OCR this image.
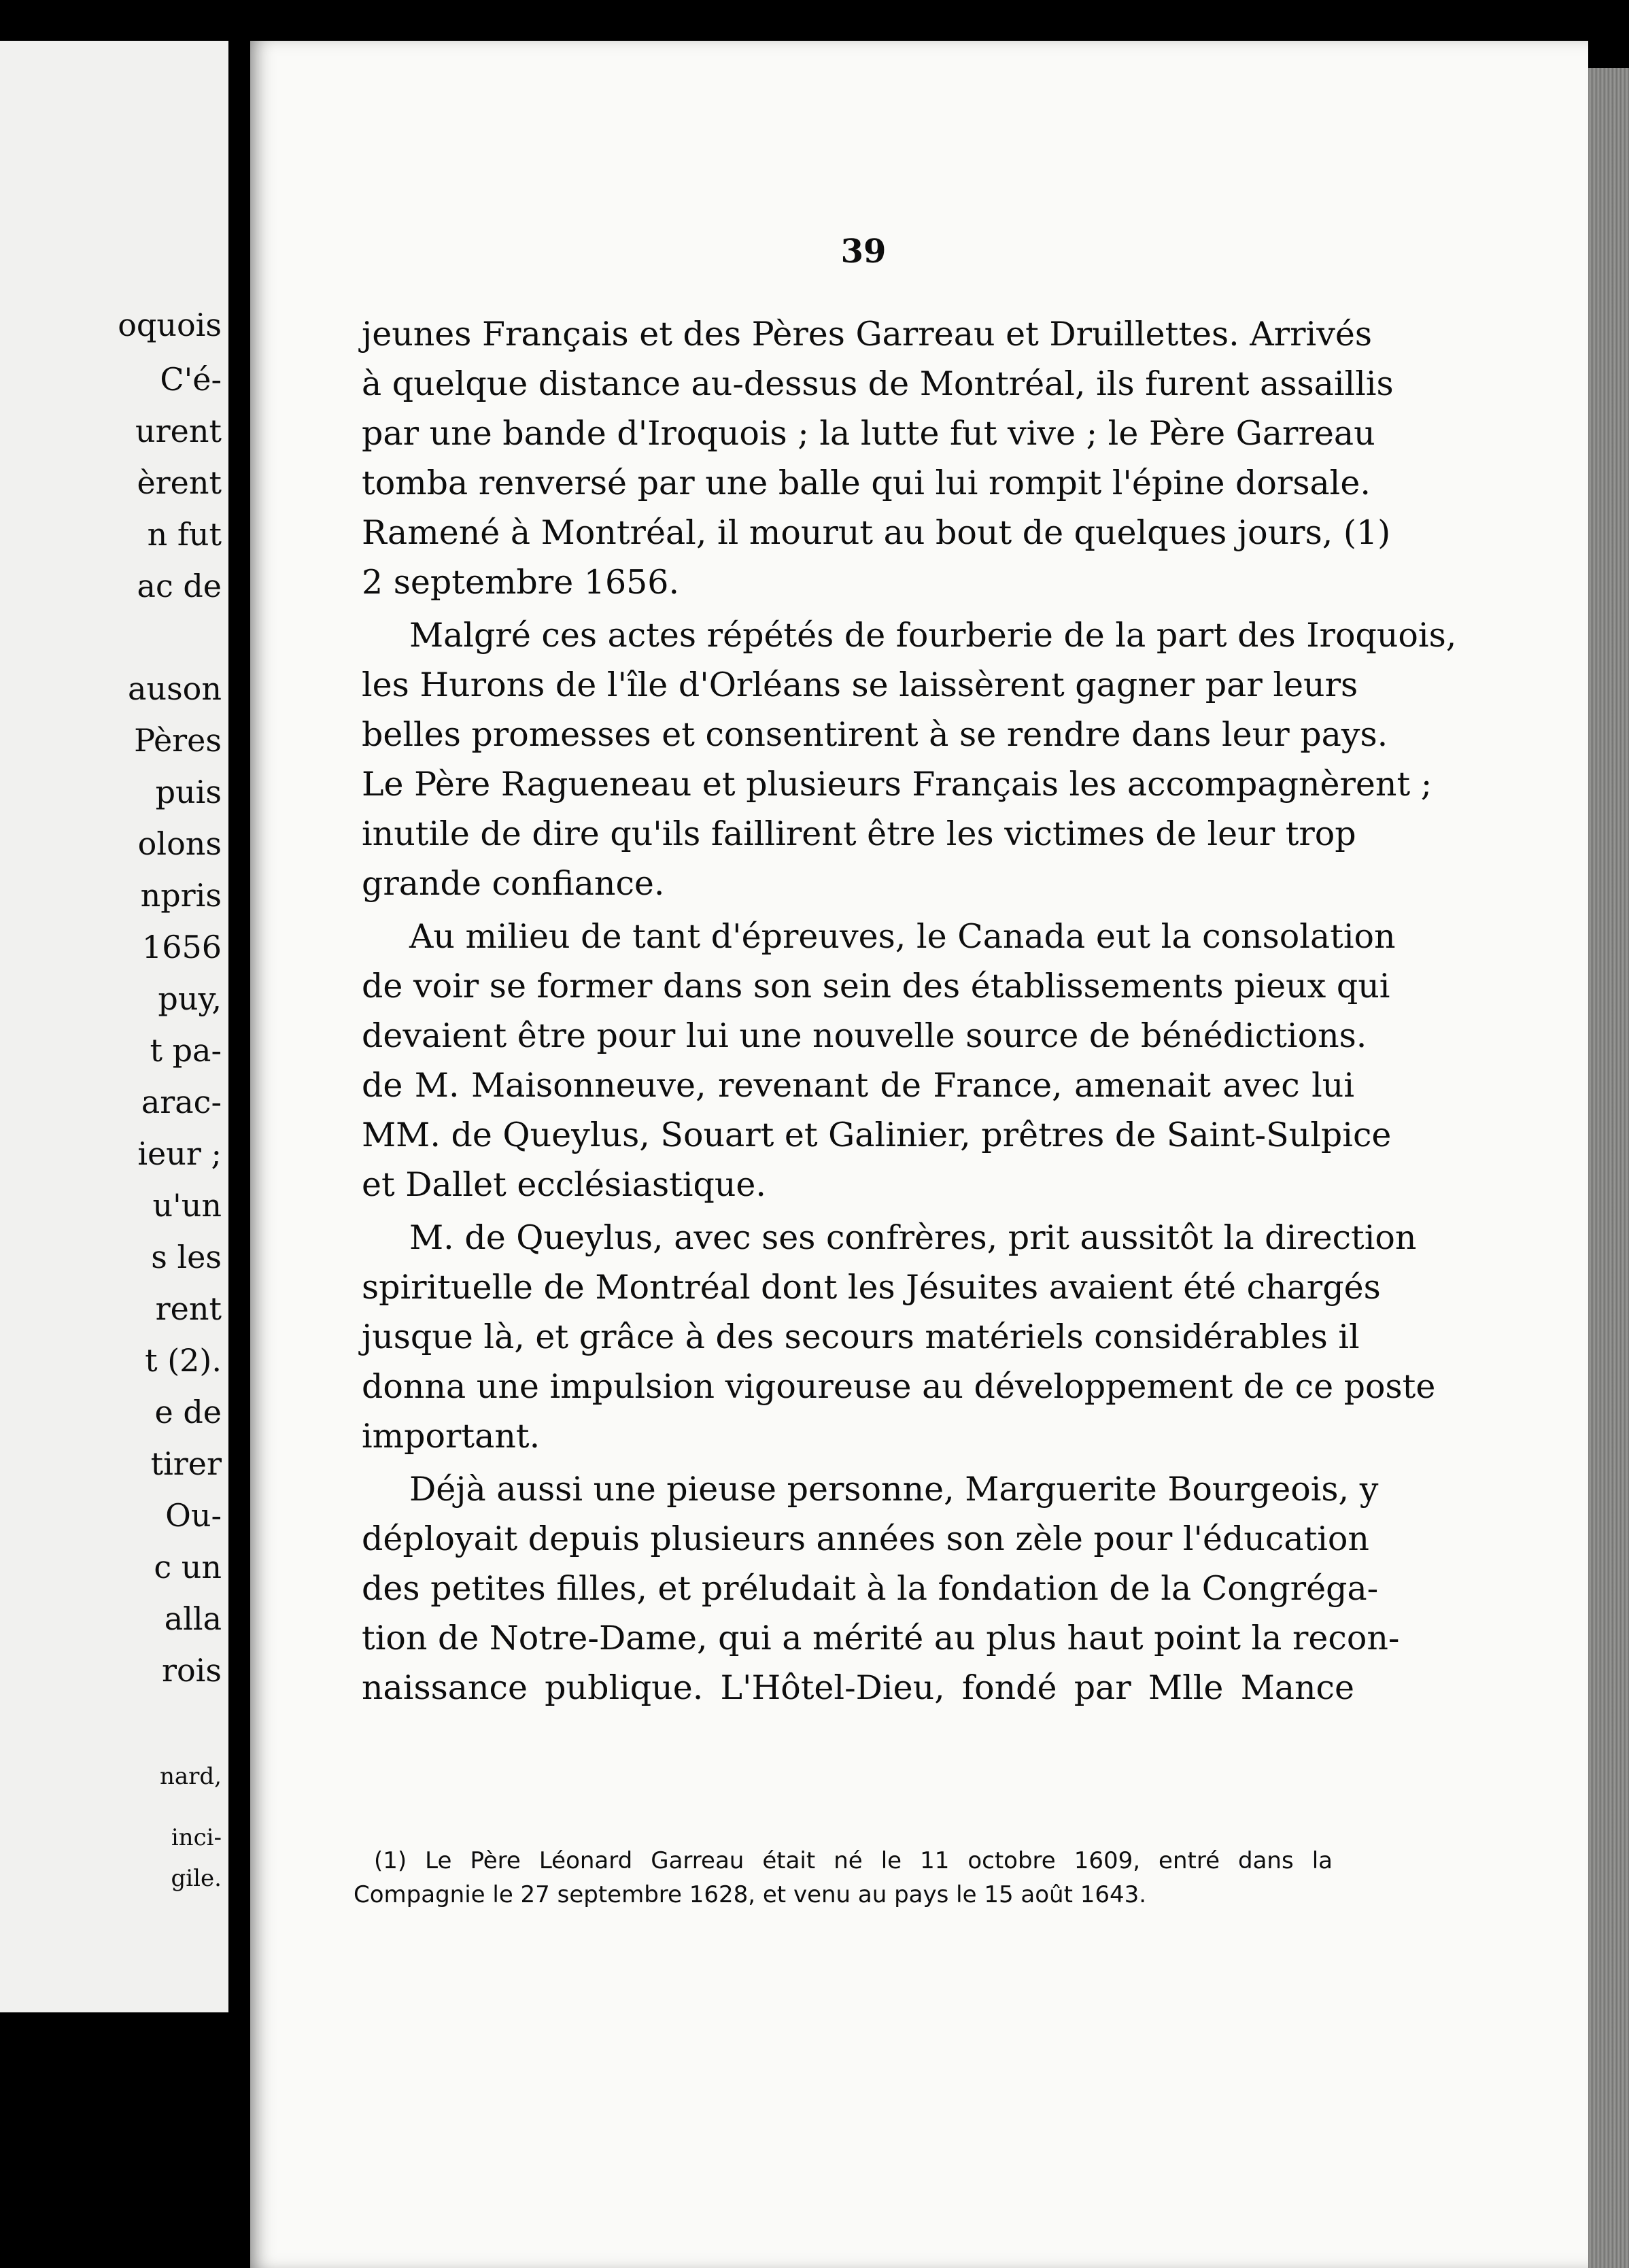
oquois
C'é-
urent
èrent
n fut
ac de
auson
Pères
puis
olons
npris
1656
puy,
t pa-
arac-
ieur ;
u'un
s les
rent
t (2).
e de
tirer
Ou-
c un
alla
rois
nard,
inci-
gile.
39
jeunes Français et des Pères Garreau et Druillettes. Arrivés
à quelque distance au-dessus de Montréal, ils furent assaillis
par une bande d'Iroquois ; la lutte fut vive ; le Père Garreau
tomba renversé par une balle qui lui rompit l'épine dorsale.
Ramené à Montréal, il mourut au bout de quelques jours, (1)
2 septembre 1656.
Malgré ces actes répétés de fourberie de la part des Iroquois,
les Hurons de l'île d'Orléans se laissèrent gagner par leurs
belles promesses et consentirent à se rendre dans leur pays.
Le Père Ragueneau et plusieurs Français les accompagnèrent ;
inutile de dire qu'ils faillirent être les victimes de leur trop
grande confiance.
Au milieu de tant d'épreuves, le Canada eut la consolation
de voir se former dans son sein des établissements pieux qui
devaient être pour lui une nouvelle source de bénédictions.
de M. Maisonneuve, revenant de France, amenait avec lui
MM. de Queylus, Souart et Galinier, prêtres de Saint-Sulpice
et Dallet ecclésiastique.
M. de Queylus, avec ses confrères, prit aussitôt la direction
spirituelle de Montréal dont les Jésuites avaient été chargés
jusque là, et grâce à des secours matériels considérables il
donna une impulsion vigoureuse au développement de ce poste
important.
Déjà aussi une pieuse personne, Marguerite Bourgeois, y
déployait depuis plusieurs années son zèle pour l'éducation
des petites filles, et préludait à la fondation de la Congréga-
tion de Notre-Dame, qui a mérité au plus haut point la recon-
naissance publique. L'Hôtel-Dieu, fondé par Mlle Mance
(1) Le Père Léonard Garreau était né le 11 octobre 1609, entré dans la
Compagnie le 27 septembre 1628, et venu au pays le 15 août 1643.
